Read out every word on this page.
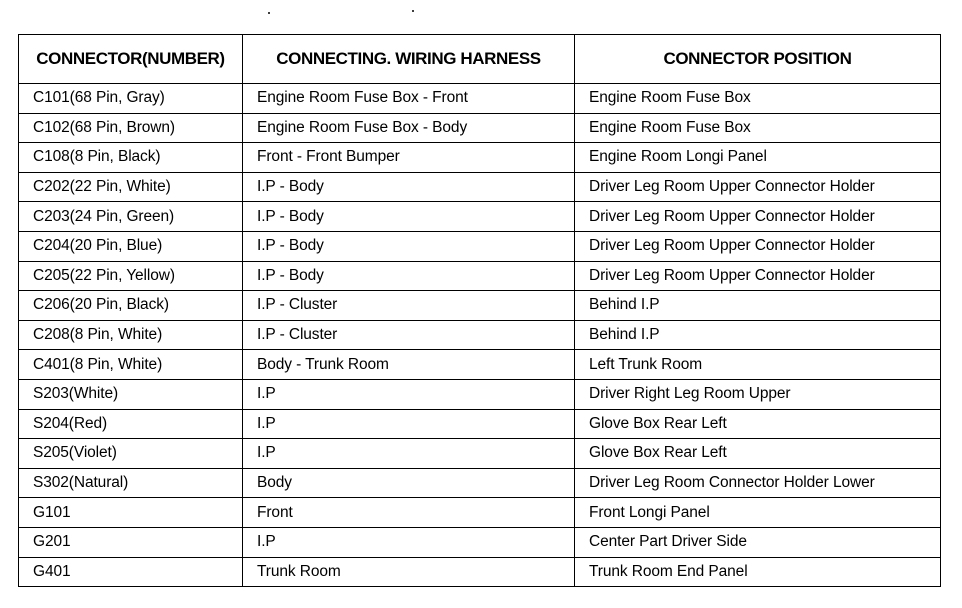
CONNECTOR(NUMBER)	CONNECTING. WIRING HARNESS	CONNECTOR POSITION
C101(68 Pin, Gray)	Engine Room Fuse Box - Front	Engine Room Fuse Box
C102(68 Pin, Brown)	Engine Room Fuse Box - Body	Engine Room Fuse Box
C108(8 Pin, Black)	Front - Front Bumper	Engine Room Longi Panel
C202(22 Pin, White)	I.P - Body	Driver Leg Room Upper Connector Holder
C203(24 Pin, Green)	I.P - Body	Driver Leg Room Upper Connector Holder
C204(20 Pin, Blue)	I.P - Body	Driver Leg Room Upper Connector Holder
C205(22 Pin, Yellow)	I.P - Body	Driver Leg Room Upper Connector Holder
C206(20 Pin, Black)	I.P - Cluster	Behind I.P
C208(8 Pin, White)	I.P - Cluster	Behind I.P
C401(8 Pin, White)	Body - Trunk Room	Left Trunk Room
S203(White)	I.P	Driver Right Leg Room Upper
S204(Red)	I.P	Glove Box Rear Left
S205(Violet)	I.P	Glove Box Rear Left
S302(Natural)	Body	Driver Leg Room Connector Holder Lower
G101	Front	Front Longi Panel
G201	I.P	Center Part Driver Side
G401	Trunk Room	Trunk Room End Panel
